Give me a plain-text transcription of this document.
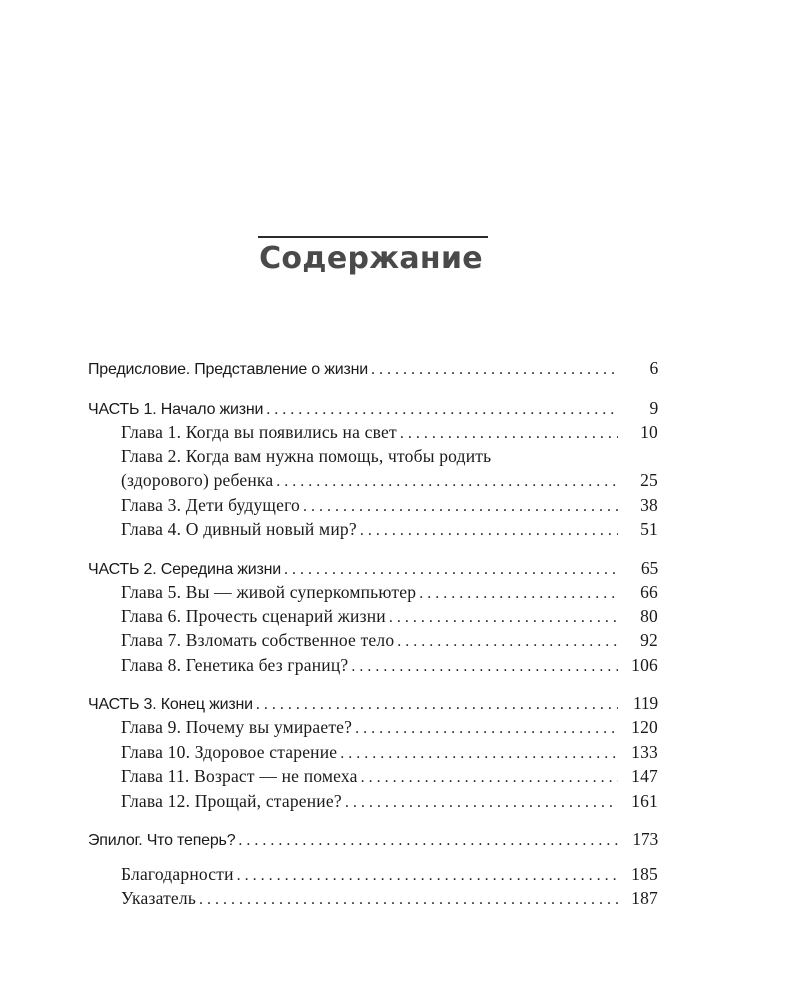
Содержание
Предисловие. Представление о жизни . . .	6
ЧАСТЬ 1. Начало жизни . . .	9
Глава 1. Когда вы появились на свет . . .	10
Глава 2. Когда вам нужна помощь, чтобы родить
(здорового) ребенка . . .	25
Глава 3. Дети будущего . . .	38
Глава 4. О дивный новый мир? . . .	51
ЧАСТЬ 2. Середина жизни . . .	65
Глава 5. Вы — живой суперкомпьютер . . .	66
Глава 6. Прочесть сценарий жизни . . .	80
Глава 7. Взломать собственное тело . . .	92
Глава 8. Генетика без границ? . . .	106
ЧАСТЬ 3. Конец жизни . . .	119
Глава 9. Почему вы умираете? . . .	120
Глава 10. Здоровое старение . . .	133
Глава 11. Возраст — не помеха . . .	147
Глава 12. Прощай, старение? . . .	161
Эпилог. Что теперь? . . .	173
Благодарности . . .	185
Указатель . . .	187
